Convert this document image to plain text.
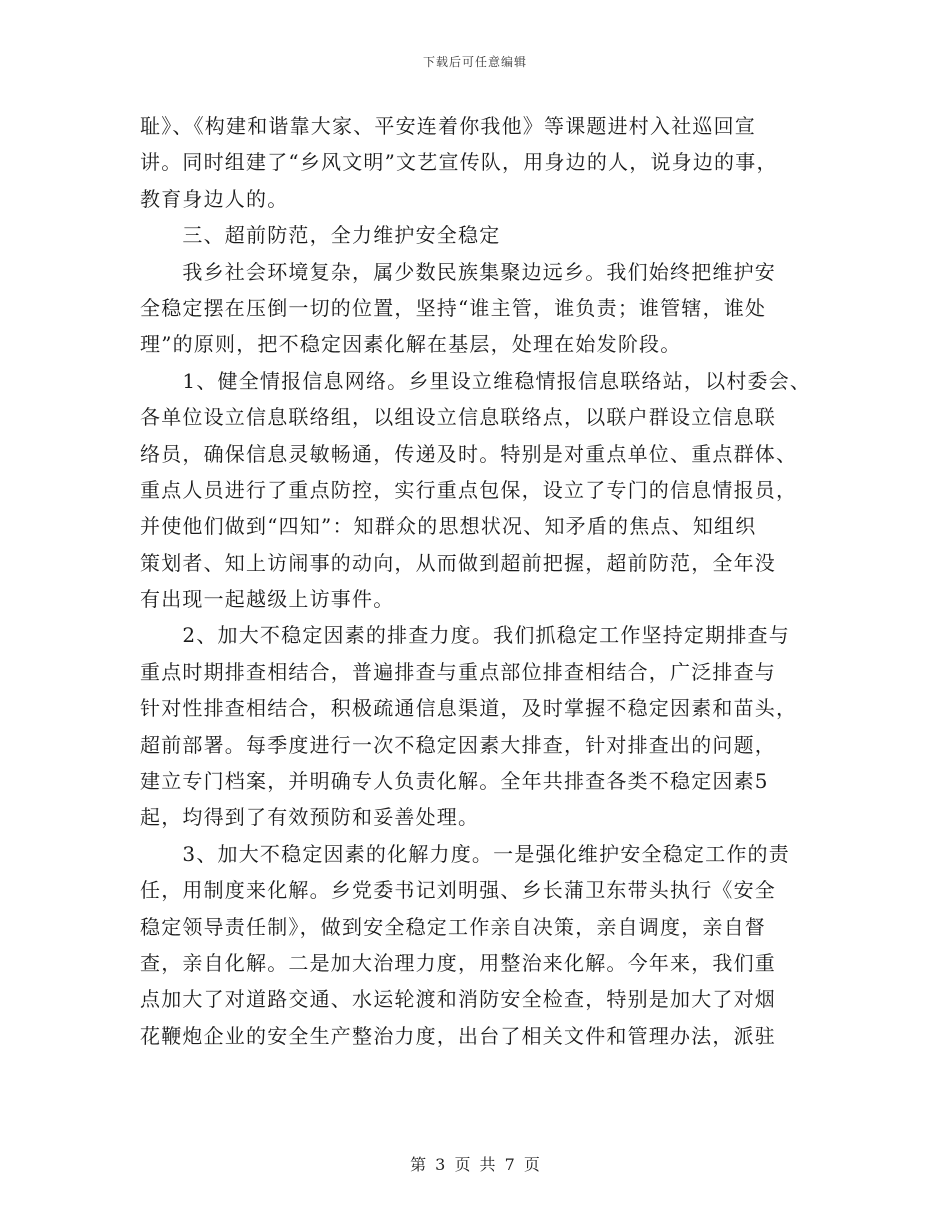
下载后可任意编辑
耻》、《构建和谐靠大家、平安连着你我他》等课题进村入社巡回宣
讲。同时组建了“乡风文明”文艺宣传队，用身边的人，说身边的事，
教育身边人的。
　　三、超前防范，全力维护安全稳定
　　我乡社会环境复杂，属少数民族集聚边远乡。我们始终把维护安
全稳定摆在压倒一切的位置，坚持“谁主管，谁负责；谁管辖，谁处
理”的原则，把不稳定因素化解在基层，处理在始发阶段。
　　1、健全情报信息网络。乡里设立维稳情报信息联络站，以村委会、
各单位设立信息联络组，以组设立信息联络点，以联户群设立信息联
络员，确保信息灵敏畅通，传递及时。特别是对重点单位、重点群体、
重点人员进行了重点防控，实行重点包保，设立了专门的信息情报员，
并使他们做到“四知”：知群众的思想状况、知矛盾的焦点、知组织
策划者、知上访闹事的动向，从而做到超前把握，超前防范，全年没
有出现一起越级上访事件。
　　2、加大不稳定因素的排查力度。我们抓稳定工作坚持定期排查与
重点时期排查相结合，普遍排查与重点部位排查相结合，广泛排查与
针对性排查相结合，积极疏通信息渠道，及时掌握不稳定因素和苗头，
超前部署。每季度进行一次不稳定因素大排查，针对排查出的问题，
建立专门档案，并明确专人负责化解。全年共排查各类不稳定因素5
起，均得到了有效预防和妥善处理。
　　3、加大不稳定因素的化解力度。一是强化维护安全稳定工作的责
任，用制度来化解。乡党委书记刘明强、乡长蒲卫东带头执行《安全
稳定领导责任制》，做到安全稳定工作亲自决策，亲自调度，亲自督
查，亲自化解。二是加大治理力度，用整治来化解。今年来，我们重
点加大了对道路交通、水运轮渡和消防安全检查，特别是加大了对烟
花鞭炮企业的安全生产整治力度，出台了相关文件和管理办法，派驻
第 3 页 共 7 页
